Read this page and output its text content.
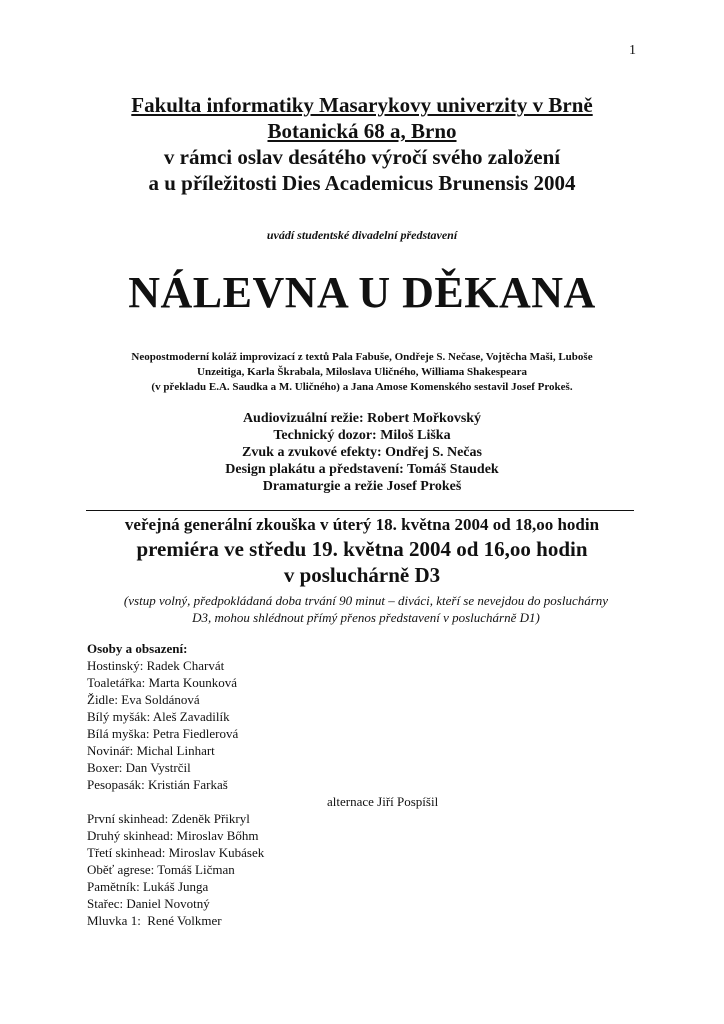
1
Fakulta informatiky Masarykovy univerzity v Brně
Botanická 68 a, Brno
v rámci oslav desátého výročí svého založení
a u příležitosti Dies Academicus Brunensis 2004
uvádí studentské divadelní představení
NÁLEVNA U DĚKANA
Neopostmoderní koláž improvizací z textů Pala Fabuše, Ondřeje S. Nečase, Vojtěcha Maši, Luboše
Unzeitiga, Karla Škrabala, Miloslava Uličného, Williama Shakespeara
(v překladu E.A. Saudka a M. Uličného) a Jana Amose Komenského sestavil Josef Prokeš.
Audiovizuální režie: Robert Mořkovský
Technický dozor: Miloš Liška
Zvuk a zvukové efekty: Ondřej S. Nečas
Design plakátu a představení: Tomáš Staudek
Dramaturgie a režie Josef Prokeš
veřejná generální zkouška v úterý 18. května 2004 od 18,oo hodin
premiéra ve středu 19. května 2004 od 16,oo hodin
v posluchárně D3
(vstup volný, předpokládaná doba trvání 90 minut – diváci, kteří se nevejdou do posluchárny
D3, mohou shlédnout přímý přenos představení v posluchárně D1)
Osoby a obsazení:
Hostinský: Radek Charvát
Toaletářka: Marta Kounková
Židle: Eva Soldánová
Bílý myšák: Aleš Zavadilík
Bílá myška: Petra Fiedlerová
Novinář: Michal Linhart
Boxer: Dan Vystrčil
Pesopasák: Kristián Farkaš
alternace Jiří Pospíšil
První skinhead: Zdeněk Přikryl
Druhý skinhead: Miroslav Bőhm
Třetí skinhead: Miroslav Kubásek
Oběť agrese: Tomáš Ličman
Pamětník: Lukáš Junga
Stařec: Daniel Novotný
Mluvka 1:  René Volkmer
